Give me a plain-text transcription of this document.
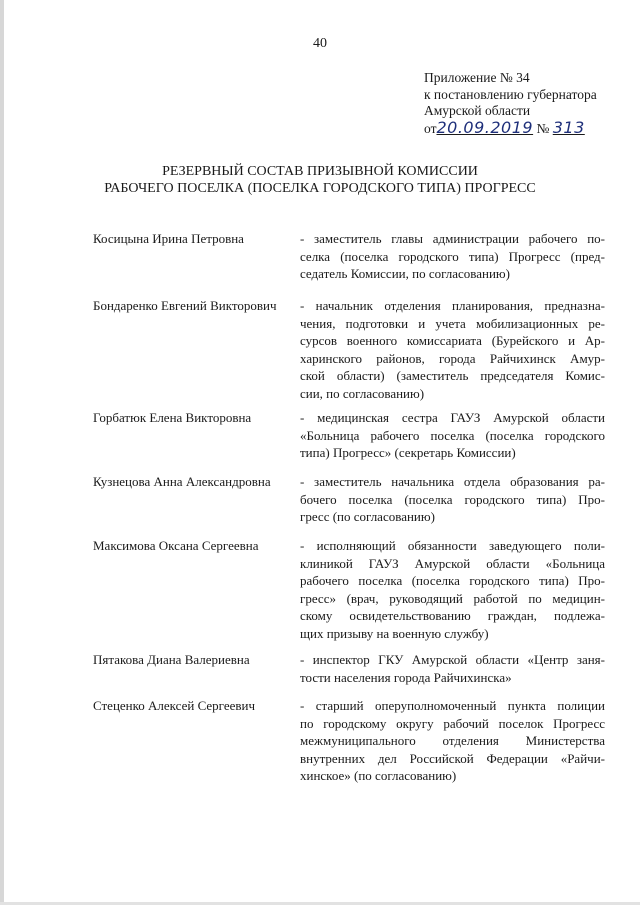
40
Приложение № 34
к постановлению губернатора
Амурской области
от20.09.2019 № 313
РЕЗЕРВНЫЙ СОСТАВ ПРИЗЫВНОЙ КОМИССИИ
РАБОЧЕГО ПОСЕЛКА (ПОСЕЛКА ГОРОДСКОГО ТИПА) ПРОГРЕСС
Косицына Ирина Петровна	- заместитель главы администрации рабочего по-
селка (поселка городского типа) Прогресс (пред-
седатель Комиссии, по согласованию)
Бондаренко Евгений Викторович	- начальник отделения планирования, предназна-
чения, подготовки и учета мобилизационных ре-
сурсов военного комиссариата (Бурейского и Ар-
харинского районов, города Райчихинск Амур-
ской области) (заместитель председателя Комис-
сии, по согласованию)
Горбатюк Елена Викторовна	- медицинская сестра ГАУЗ Амурской области
«Больница рабочего поселка (поселка городского
типа) Прогресс» (секретарь Комиссии)
Кузнецова Анна Александровна	- заместитель начальника отдела образования ра-
бочего поселка (поселка городского типа) Про-
гресс (по согласованию)
Максимова Оксана Сергеевна	- исполняющий обязанности заведующего поли-
клиникой ГАУЗ Амурской области «Больница
рабочего поселка (поселка городского типа) Про-
гресс» (врач, руководящий работой по медицин-
скому освидетельствованию граждан, подлежа-
щих призыву на военную службу)
Пятакова Диана Валериевна	- инспектор ГКУ Амурской области «Центр заня-
тости населения города Райчихинска»
Стеценко Алексей Сергеевич	- старший оперуполномоченный пункта полиции
по городскому округу рабочий поселок Прогресс
межмуниципального отделения Министерства
внутренних дел Российской Федерации «Райчи-
хинское» (по согласованию)
